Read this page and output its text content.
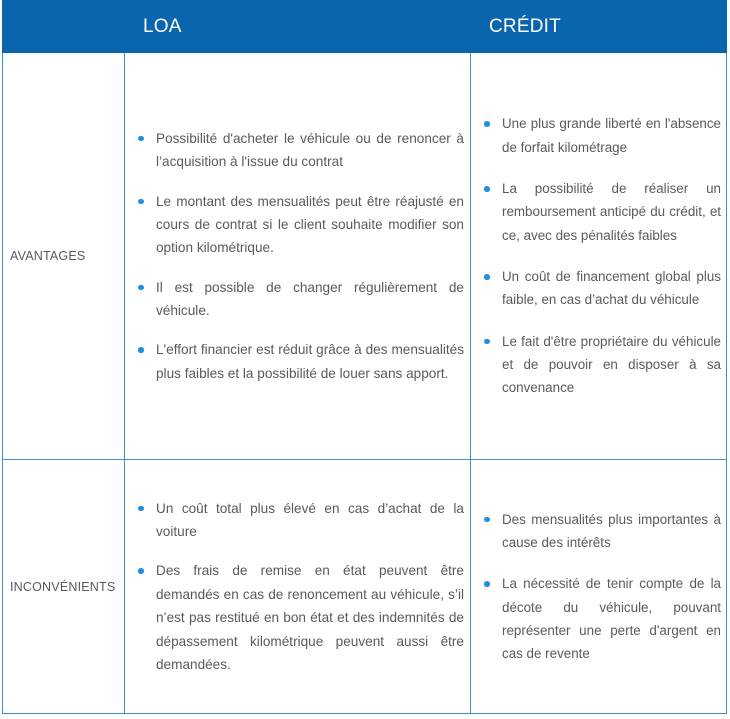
LOA	CRÉDIT
AVANTAGES
Possibilité d'acheter le véhicule ou de renoncer à l’acquisition à l'issue du contrat
Le montant des mensualités peut être réajusté en cours de contrat si le client souhaite modifier son option kilométrique.
Il est possible de changer régulièrement de véhicule.
L'effort financier est réduit grâce à des mensualités plus faibles et la possibilité de louer sans apport.
Une plus grande liberté en l'absence de forfait kilométrage
La possibilité de réaliser un remboursement anticipé du crédit, et ce, avec des pénalités faibles
Un coût de financement global plus faible, en cas d’achat du véhicule
Le fait d'être propriétaire du véhicule et de pouvoir en disposer à sa convenance
INCONVÉNIENTS
Un coût total plus élevé en cas d’achat de la voiture
Des frais de remise en état peuvent être demandés en cas de renoncement au véhicule, s’il n’est pas restitué en bon état et des indemnités de dépassement kilométrique peuvent aussi être demandées.
Des mensualités plus importantes à cause des intérêts
La nécessité de tenir compte de la décote du véhicule, pouvant représenter une perte d'argent en cas de revente
